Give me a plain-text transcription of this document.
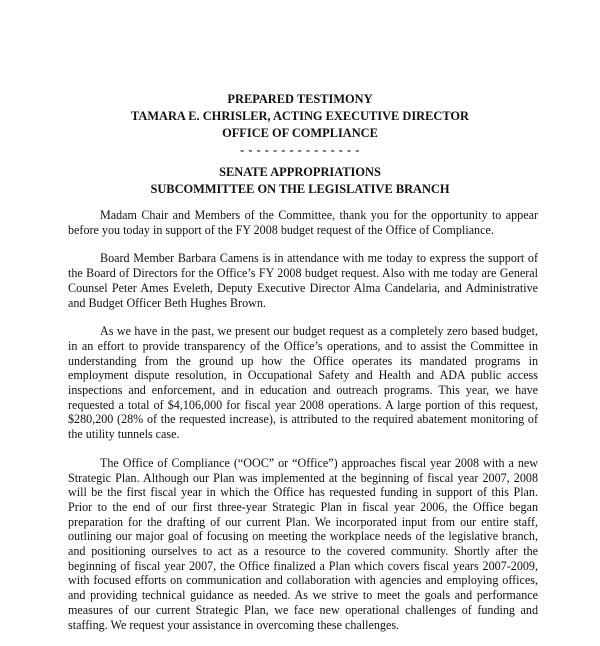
PREPARED TESTIMONY
TAMARA E. CHRISLER, ACTING EXECUTIVE DIRECTOR
OFFICE OF COMPLIANCE
- - - - - - - - - - - - - - -
SENATE APPROPRIATIONS
SUBCOMMITTEE ON THE LEGISLATIVE BRANCH

Madam Chair and Members of the Committee, thank you for the opportunity to appear before you today in support of the FY 2008 budget request of the Office of Compliance.

Board Member Barbara Camens is in attendance with me today to express the support of the Board of Directors for the Office’s FY 2008 budget request. Also with me today are General Counsel Peter Ames Eveleth, Deputy Executive Director Alma Candelaria, and Administrative and Budget Officer Beth Hughes Brown.

As we have in the past, we present our budget request as a completely zero based budget, in an effort to provide transparency of the Office’s operations, and to assist the Committee in understanding from the ground up how the Office operates its mandated programs in employment dispute resolution, in Occupational Safety and Health and ADA public access inspections and enforcement, and in education and outreach programs. This year, we have requested a total of $4,106,000 for fiscal year 2008 operations. A large portion of this request, $280,200 (28% of the requested increase), is attributed to the required abatement monitoring of the utility tunnels case.

The Office of Compliance (“OOC” or “Office”) approaches fiscal year 2008 with a new Strategic Plan. Although our Plan was implemented at the beginning of fiscal year 2007, 2008 will be the first fiscal year in which the Office has requested funding in support of this Plan. Prior to the end of our first three-year Strategic Plan in fiscal year 2006, the Office began preparation for the drafting of our current Plan. We incorporated input from our entire staff, outlining our major goal of focusing on meeting the workplace needs of the legislative branch, and positioning ourselves to act as a resource to the covered community. Shortly after the beginning of fiscal year 2007, the Office finalized a Plan which covers fiscal years 2007-2009, with focused efforts on communication and collaboration with agencies and employing offices, and providing technical guidance as needed. As we strive to meet the goals and performance measures of our current Strategic Plan, we face new operational challenges of funding and staffing. We request your assistance in overcoming these challenges.
